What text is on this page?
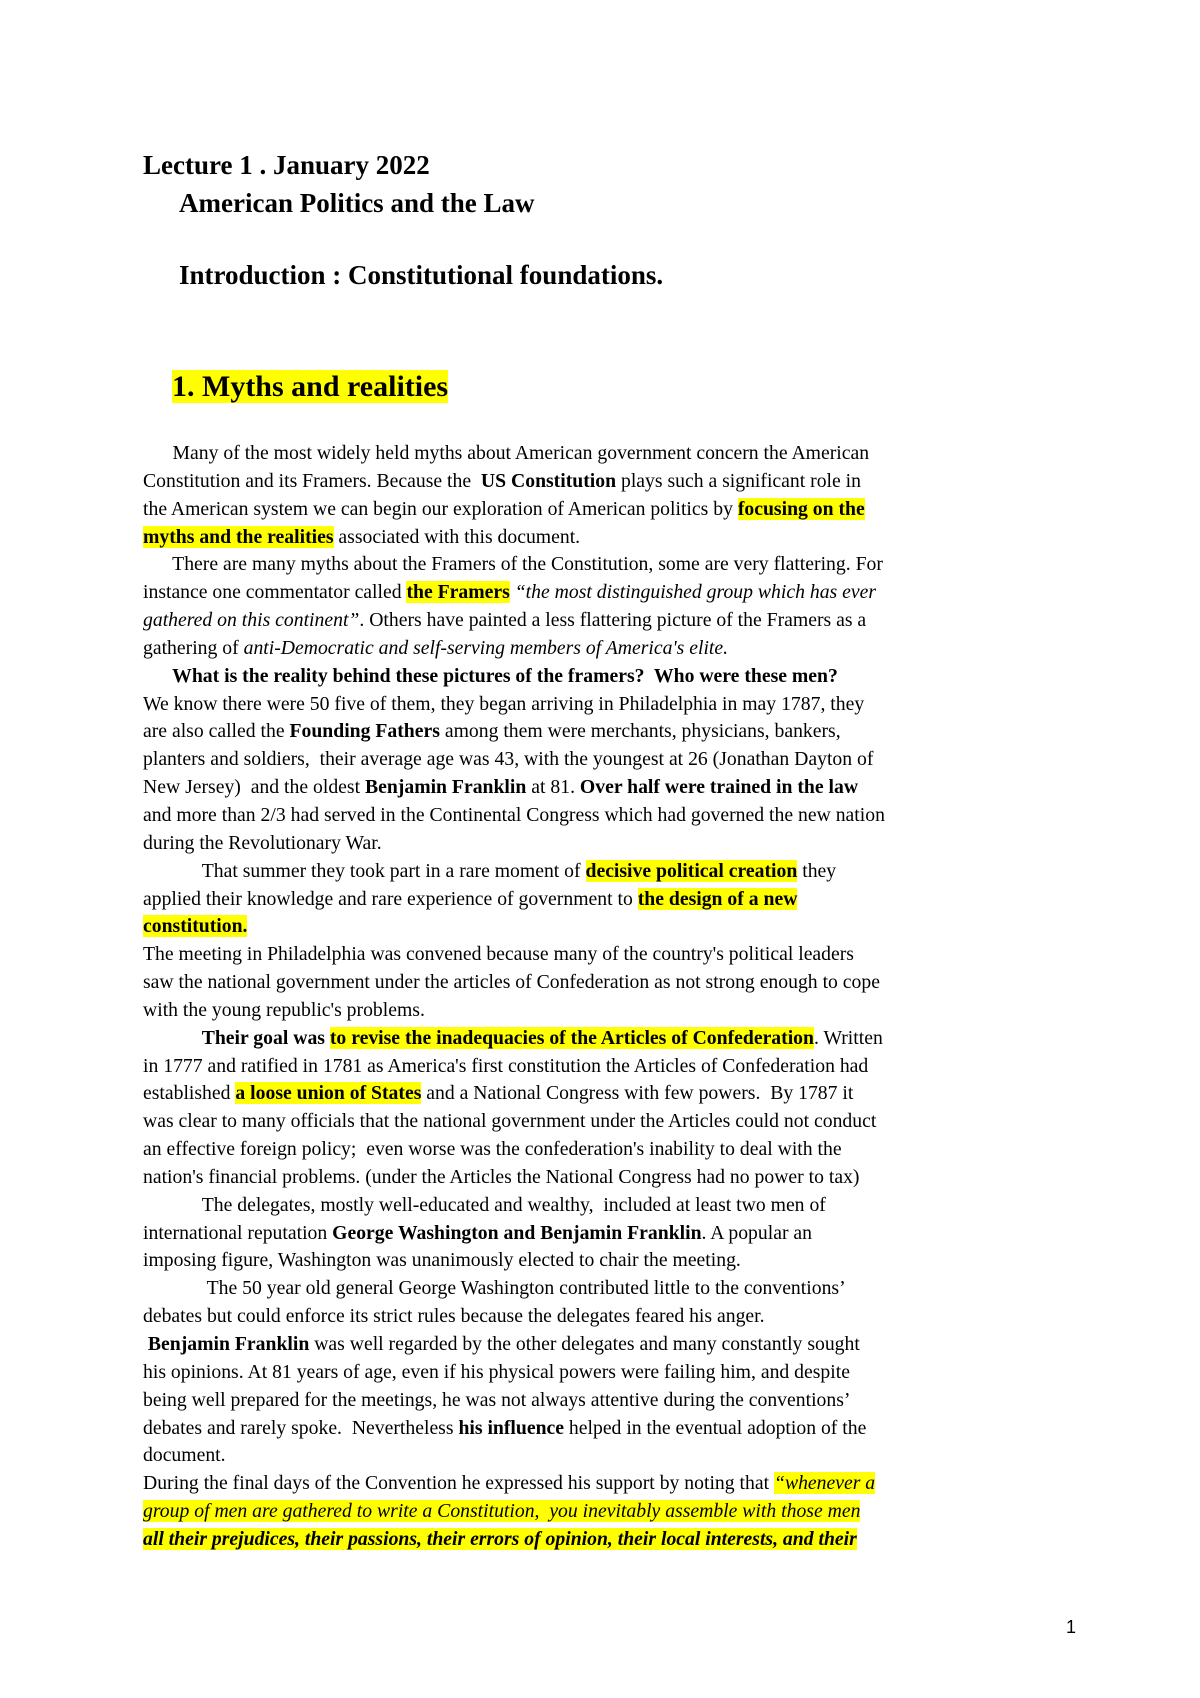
Lecture 1 . January 2022
American Politics and the Law
Introduction : Constitutional foundations.
1. Myths and realities
Many of the most widely held myths about American government concern the American
Constitution and its Framers. Because the  US Constitution plays such a significant role in
the American system we can begin our exploration of American politics by focusing on the
myths and the realities associated with this document.
There are many myths about the Framers of the Constitution, some are very flattering. For
instance one commentator called the Framers “the most distinguished group which has ever
gathered on this continent”. Others have painted a less flattering picture of the Framers as a
gathering of anti-Democratic and self-serving members of America's elite.
What is the reality behind these pictures of the framers?  Who were these men?
We know there were 50 five of them, they began arriving in Philadelphia in may 1787, they
are also called the Founding Fathers among them were merchants, physicians, bankers,
planters and soldiers,  their average age was 43, with the youngest at 26 (Jonathan Dayton of
New Jersey)  and the oldest Benjamin Franklin at 81. Over half were trained in the law
and more than 2/3 had served in the Continental Congress which had governed the new nation
during the Revolutionary War.
That summer they took part in a rare moment of decisive political creation they
applied their knowledge and rare experience of government to the design of a new
constitution.
The meeting in Philadelphia was convened because many of the country's political leaders
saw the national government under the articles of Confederation as not strong enough to cope
with the young republic's problems.
Their goal was to revise the inadequacies of the Articles of Confederation. Written
in 1777 and ratified in 1781 as America's first constitution the Articles of Confederation had
established a loose union of States and a National Congress with few powers.  By 1787 it
was clear to many officials that the national government under the Articles could not conduct
an effective foreign policy;  even worse was the confederation's inability to deal with the
nation's financial problems. (under the Articles the National Congress had no power to tax)
The delegates, mostly well-educated and wealthy,  included at least two men of
international reputation George Washington and Benjamin Franklin. A popular an
imposing figure, Washington was unanimously elected to chair the meeting.
The 50 year old general George Washington contributed little to the conventions’
debates but could enforce its strict rules because the delegates feared his anger.
Benjamin Franklin was well regarded by the other delegates and many constantly sought
his opinions. At 81 years of age, even if his physical powers were failing him, and despite
being well prepared for the meetings, he was not always attentive during the conventions’
debates and rarely spoke.  Nevertheless his influence helped in the eventual adoption of the
document.
During the final days of the Convention he expressed his support by noting that “whenever a
group of men are gathered to write a Constitution,  you inevitably assemble with those men
all their prejudices, their passions, their errors of opinion, their local interests, and their
1
